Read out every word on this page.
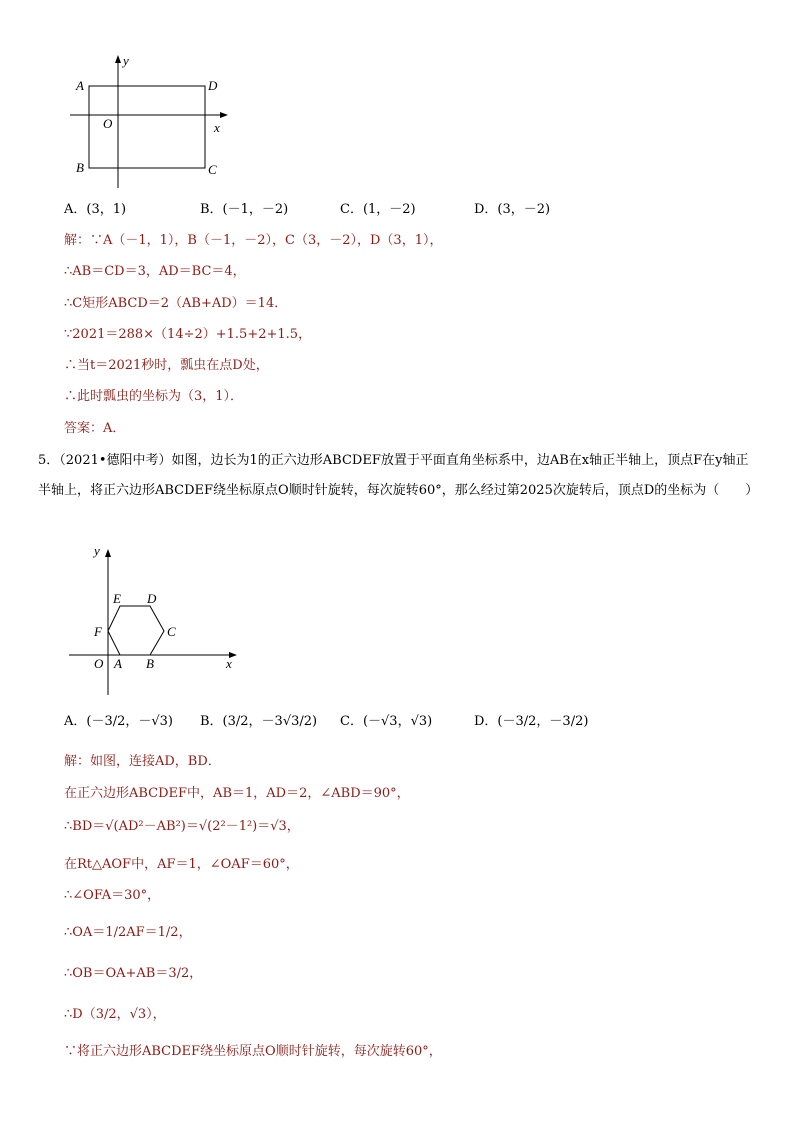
A	D
B	C
O	x
y
A．(3，1)	B．(－1，－2)	C．(1，－2)	D．(3，－2)
解：∵A（－1，1），B（－1，－2），C（3，－2），D（3，1），
∴AB＝CD＝3，AD＝BC＝4，
∴C矩形ABCD＝2（AB+AD）＝14．
∵2021＝288×（14÷2）+1.5+2+1.5，
∴当t＝2021秒时，瓢虫在点D处，
∴此时瓢虫的坐标为（3，1）．
答案：A．
5．（2021•德阳中考）如图，边长为1的正六边形ABCDEF放置于平面直角坐标系中，边AB在x轴正半轴上，顶点F在y轴正半轴上，将正六边形ABCDEF绕坐标原点O顺时针旋转，每次旋转60°，那么经过第2025次旋转后，顶点D的坐标为（　　）
E D
F	C
O A B	x
y
A．(－3/2，－√3) B．(3/2，－3√3/2) C．(－√3，√3)	D．(－3/2，－3/2)
解：如图，连接AD，BD．
在正六边形ABCDEF中，AB＝1，AD＝2，∠ABD＝90°，
∴BD＝√(AD²－AB²)＝√(2²－1²)＝√3，
在Rt△AOF中，AF＝1，∠OAF＝60°，
∴∠OFA＝30°，
∴OA＝1/2AF＝1/2，
∴OB＝OA+AB＝3/2，
∴D（3/2，√3），
∵将正六边形ABCDEF绕坐标原点O顺时针旋转，每次旋转60°，
